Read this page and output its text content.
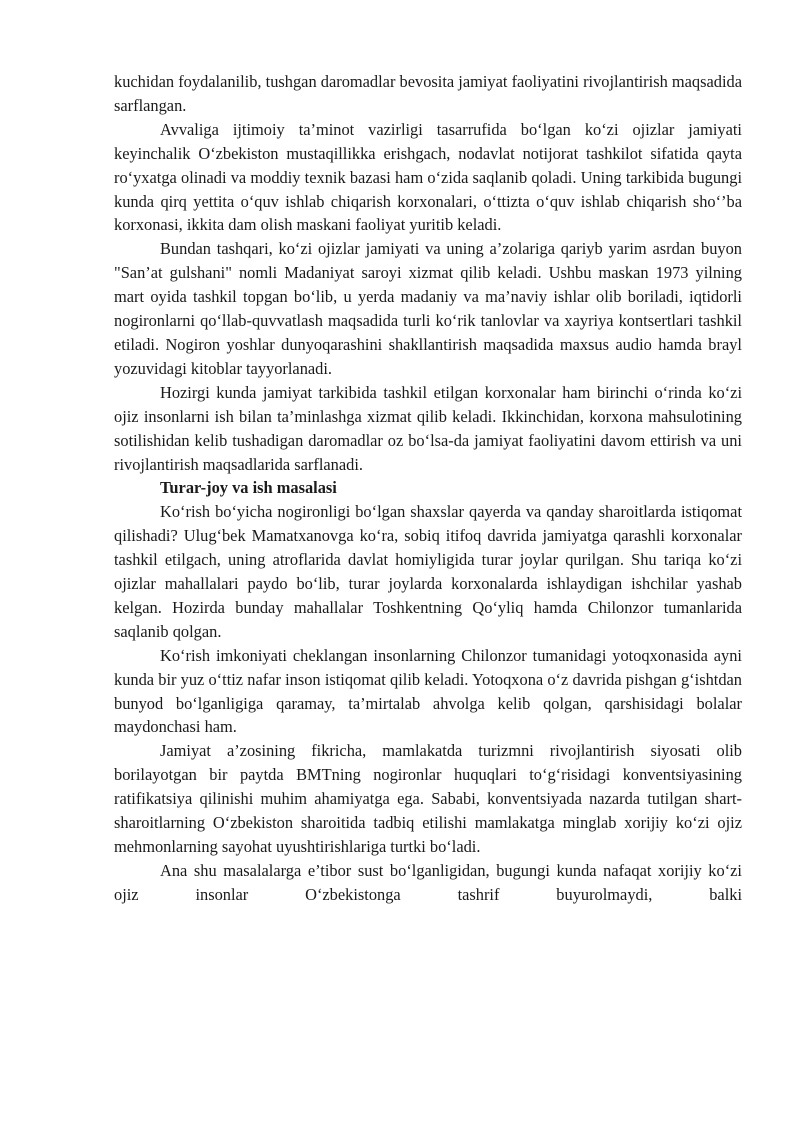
kuchidan foydalanilib, tushgan daromadlar bevosita jamiyat faoliyatini rivojlantirish maqsadida sarflangan.

Avvaliga ijtimoiy ta’minot vazirligi tasarrufida bo‘lgan ko‘zi ojizlar jamiyati keyinchalik O‘zbekiston mustaqillikka erishgach, nodavlat notijorat tashkilot sifatida qayta ro‘yxatga olinadi va moddiy texnik bazasi ham o‘zida saqlanib qoladi. Uning tarkibida bugungi kunda qirq yettita o‘quv ishlab chiqarish korxonalari, o‘ttizta o‘quv ishlab chiqarish sho‘’ba korxonasi, ikkita dam olish maskani faoliyat yuritib keladi.

Bundan tashqari, ko‘zi ojizlar jamiyati va uning a’zolariga qariyb yarim asrdan buyon "San’at gulshani" nomli Madaniyat saroyi xizmat qilib keladi. Ushbu maskan 1973 yilning mart oyida tashkil topgan bo‘lib, u yerda madaniy va ma’naviy ishlar olib boriladi, iqtidorli nogironlarni qo‘llab-quvvatlash maqsadida turli ko‘rik tanlovlar va xayriya kontsertlari tashkil etiladi. Nogiron yoshlar dunyoqarashini shakllantirish maqsadida maxsus audio hamda brayl yozuvidagi kitoblar tayyorlanadi.

Hozirgi kunda jamiyat tarkibida tashkil etilgan korxonalar ham birinchi o‘rinda ko‘zi ojiz insonlarni ish bilan ta’minlashga xizmat qilib keladi. Ikkinchidan, korxona mahsulotining sotilishidan kelib tushadigan daromadlar oz bo‘lsa-da jamiyat faoliyatini davom ettirish va uni rivojlantirish maqsadlarida sarflanadi.

Turar-joy va ish masalasi

Ko‘rish bo‘yicha nogironligi bo‘lgan shaxslar qayerda va qanday sharoitlarda istiqomat qilishadi? Ulug‘bek Mamatxanovga ko‘ra, sobiq itifoq davrida jamiyatga qarashli korxonalar tashkil etilgach, uning atroflarida davlat homiyligida turar joylar qurilgan. Shu tariqa ko‘zi ojizlar mahallalari paydo bo‘lib, turar joylarda korxonalarda ishlaydigan ishchilar yashab kelgan. Hozirda bunday mahallalar Toshkentning Qo‘yliq hamda Chilonzor tumanlarida saqlanib qolgan.

Ko‘rish imkoniyati cheklangan insonlarning Chilonzor tumanidagi yotoqxonasida ayni kunda bir yuz o‘ttiz nafar inson istiqomat qilib keladi. Yotoqxona o‘z davrida pishgan g‘ishtdan bunyod bo‘lganligiga qaramay, ta’mirtalab ahvolga kelib qolgan, qarshisidagi bolalar maydonchasi ham.

Jamiyat a’zosining fikricha, mamlakatda turizmni rivojlantirish siyosati olib borilayotgan bir paytda BMTning nogironlar huquqlari to‘g‘risidagi konventsiyasining ratifikatsiya qilinishi muhim ahamiyatga ega. Sababi, konventsiyada nazarda tutilgan shart-sharoitlarning O‘zbekiston sharoitida tadbiq etilishi mamlakatga minglab xorijiy ko‘zi ojiz mehmonlarning sayohat uyushtirishlariga turtki bo‘ladi.

Ana shu masalalarga e’tibor sust bo‘lganligidan, bugungi kunda nafaqat xorijiy ko‘zi ojiz insonlar O‘zbekistonga tashrif buyurolmaydi, balki
